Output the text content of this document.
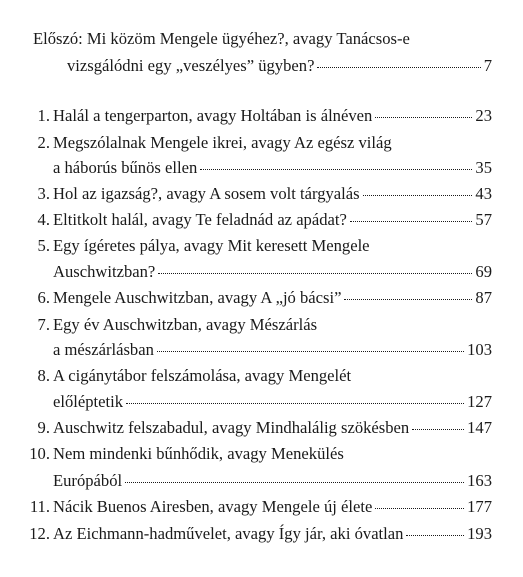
Előszó: Mi közöm Mengele ügyéhez?, avagy Tanácsos-e
vizsgálódni egy „veszélyes” ügyben?	7
1. Halál a tengerparton, avagy Holtában is álnéven	23
2. Megszólalnak Mengele ikrei, avagy Az egész világ
a háborús bűnös ellen	35
3. Hol az igazság?, avagy A sosem volt tárgyalás	43
4. Eltitkolt halál, avagy Te feladnád az apádat?	57
5. Egy ígéretes pálya, avagy Mit keresett Mengele
Auschwitzban?	69
6. Mengele Auschwitzban, avagy A „jó bácsi”	87
7. Egy év Auschwitzban, avagy Mészárlás
a mészárlásban	103
8. A cigánytábor felszámolása, avagy Mengelét
előléptetik	127
9. Auschwitz felszabadul, avagy Mindhalálig szökésben	147
10. Nem mindenki bűnhődik, avagy Menekülés
Európából	163
11. Nácik Buenos Airesben, avagy Mengele új élete	177
12. Az Eichmann-hadművelet, avagy Így jár, aki óvatlan	193
